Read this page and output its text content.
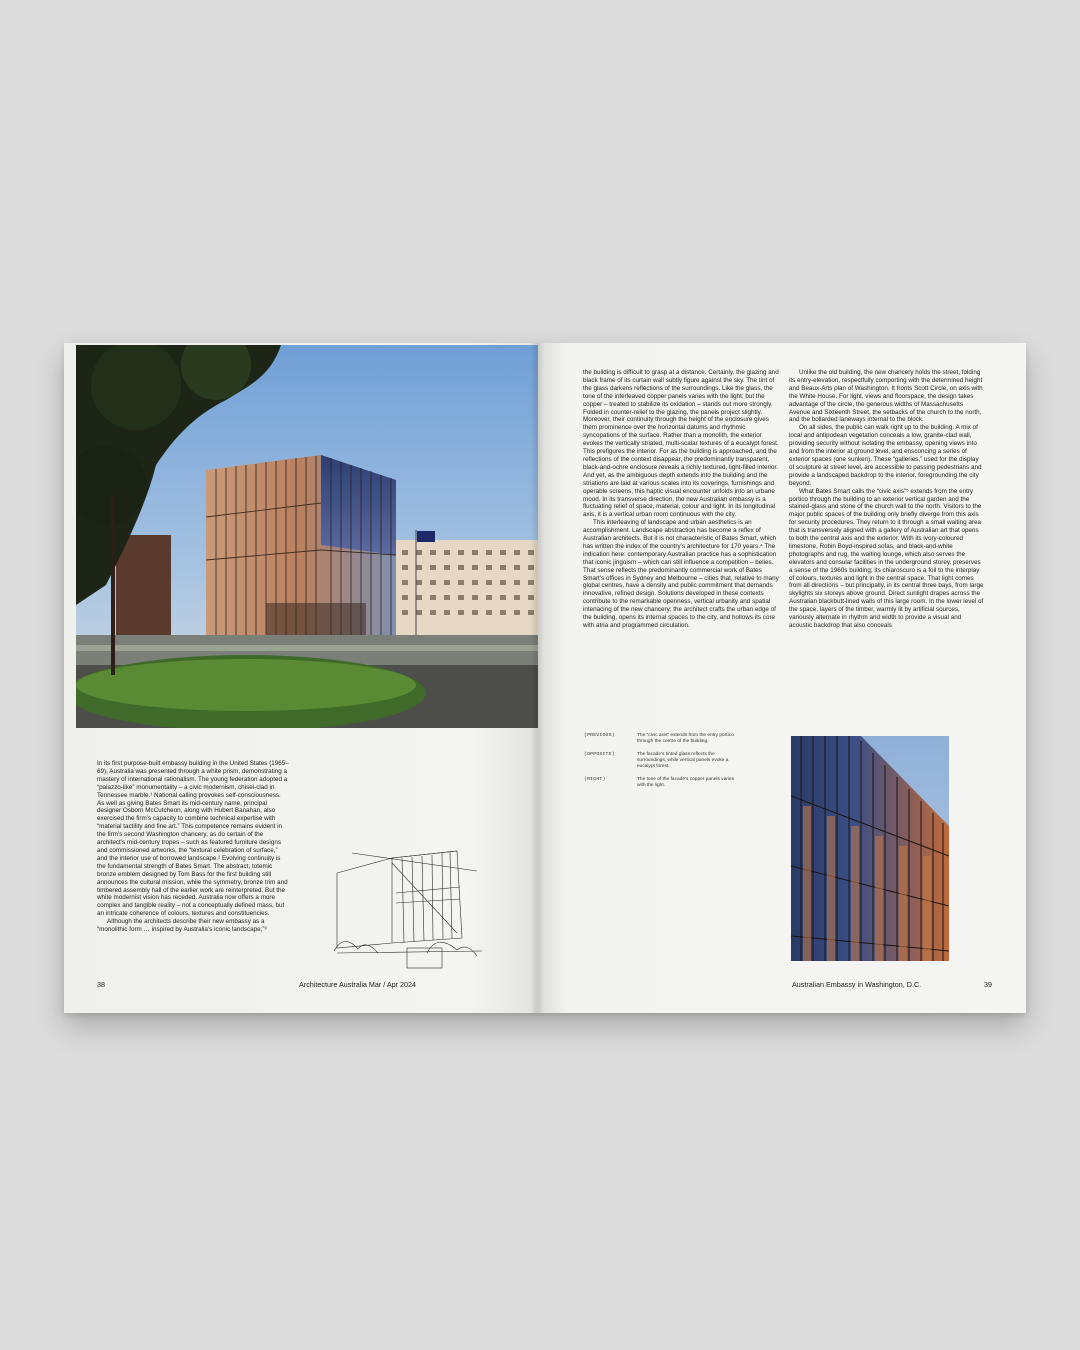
In its first purpose-built embassy building in the United States (1965–69), Australia was presented through a white prism, demonstrating a mastery of international rationalism. The young federation adopted a “palazzo-like” monumentality – a civic modernism, chisel-clad in Tennessee marble.¹ National calling provokes self-consciousness. As well as giving Bates Smart its mid-century name, principal designer Osborn McCutcheon, along with Hubert Banahan, also exercised the firm’s capacity to combine technical expertise with “material tactility and fine art.” This competence remains evident in the firm’s second Washington chancery, as do certain of the architect’s mid-century tropes – such as featured furniture designs and commissioned artworks, the “textural celebration of surface,” and the interior use of borrowed landscape.² Evolving continuity is the fundamental strength of Bates Smart. The abstract, totemic bronze emblem designed by Tom Bass for the first building still announces the cultural mission, while the symmetry, bronze trim and timbered assembly hall of the earlier work are reinterpreted. But the white modernist vision has receded. Australia now offers a more complex and tangible reality – not a conceptually defined mass, but an intricate coherence of colours, textures and constituencies.

Although the architects describe their new embassy as a “monolithic form … inspired by Australia’s iconic landscape,”³

38	Architecture Australia Mar / Apr 2024

the building is difficult to grasp at a distance. Certainly, the glazing and black frame of its curtain wall subtly figure against the sky. The tint of the glass darkens reflections of the surroundings. Like the glass, the tone of the interleaved copper panels varies with the light; but the copper – treated to stabilize its oxidation – stands out more strongly. Folded in counter-relief to the glazing, the panels project slightly. Moreover, their continuity through the height of the enclosure gives them prominence over the horizontal datums and rhythmic syncopations of the surface. Rather than a monolith, the exterior evokes the vertically striated, multi-scalar textures of a eucalypt forest. This prefigures the interior. For as the building is approached, and the reflections of the context disappear, the predominantly transparent, black-and-ochre enclosure reveals a richly textured, light-filled interior. And yet, as the ambiguous depth extends into the building and the striations are laid at various scales into its coverings, furnishings and operable screens, this haptic visual encounter unfolds into an urbane mood. In its transverse direction, the new Australian embassy is a fluctuating relief of space, material, colour and light. In its longitudinal axis, it is a vertical urban room continuous with the city.

This interleaving of landscape and urban aesthetics is an accomplishment. Landscape abstraction has become a reflex of Australian architects. But it is not characteristic of Bates Smart, which has written the index of the country’s architecture for 170 years.⁴ The indication here: contemporary Australian practice has a sophistication that iconic jingoism – which can still influence a competition – belies. That sense reflects the predominantly commercial work of Bates Smart’s offices in Sydney and Melbourne – cities that, relative to many global centres, have a density and public commitment that demands innovative, refined design. Solutions developed in these contexts contribute to the remarkable openness, vertical urbanity and spatial interlacing of the new chancery; the architect crafts the urban edge of the building, opens its internal spaces to the city, and hollows its core with atria and programmed circulation.

Unlike the old building, the new chancery holds the street, folding its entry-elevation, respectfully comporting with the determined height and Beaux-Arts plan of Washington. It fronts Scott Circle, on axis with the White House. For light, views and floorspace, the design takes advantage of the circle, the generous widths of Massachusetts Avenue and Sixteenth Street, the setbacks of the church to the north, and the bollarded laneways internal to the block.

On all sides, the public can walk right up to the building. A mix of local and antipodean vegetation conceals a low, granite-clad wall, providing security without isolating the embassy, opening views into and from the interior at ground level, and ensconcing a series of exterior spaces (one sunken). These “galleries,” used for the display of sculpture at street level, are accessible to passing pedestrians and provide a landscaped backdrop to the interior, foregrounding the city beyond.

What Bates Smart calls the “civic axis”⁵ extends from the entry portico through the building to an exterior vertical garden and the stained-glass and stone of the church wall to the north. Visitors to the major public spaces of the building only briefly diverge from this axis for security procedures. They return to it through a small waiting area that is transversely aligned with a gallery of Australian art that opens to both the central axis and the exterior. With its ivory-coloured limestone, Robin Boyd-inspired sofas, and black-and-white photographs and rug, the waiting lounge, which also serves the elevators and consular facilities in the underground storey, preserves a sense of the 1960s building; its chiaroscuro is a foil to the interplay of colours, textures and light in the central space. That light comes from all directions – but principally, in its central three bays, from large skylights six storeys above ground. Direct sunlight drapes across the Australian blackbutt-lined walls of this large room. In the lower level of the space, layers of the timber, warmly lit by artificial sources, variously alternate in rhythm and width to provide a visual and acoustic backdrop that also conceals

(PREVIOUS)	The “civic axis” extends from the entry portico through the centre of the building.
(OPPOSITE)	The facade’s tinted glass reflects the surroundings, while vertical panels evoke a eucalypt forest.
(RIGHT)	The tone of the facade’s copper panels varies with the light.
Australian Embassy in Washington, D.C.	39
